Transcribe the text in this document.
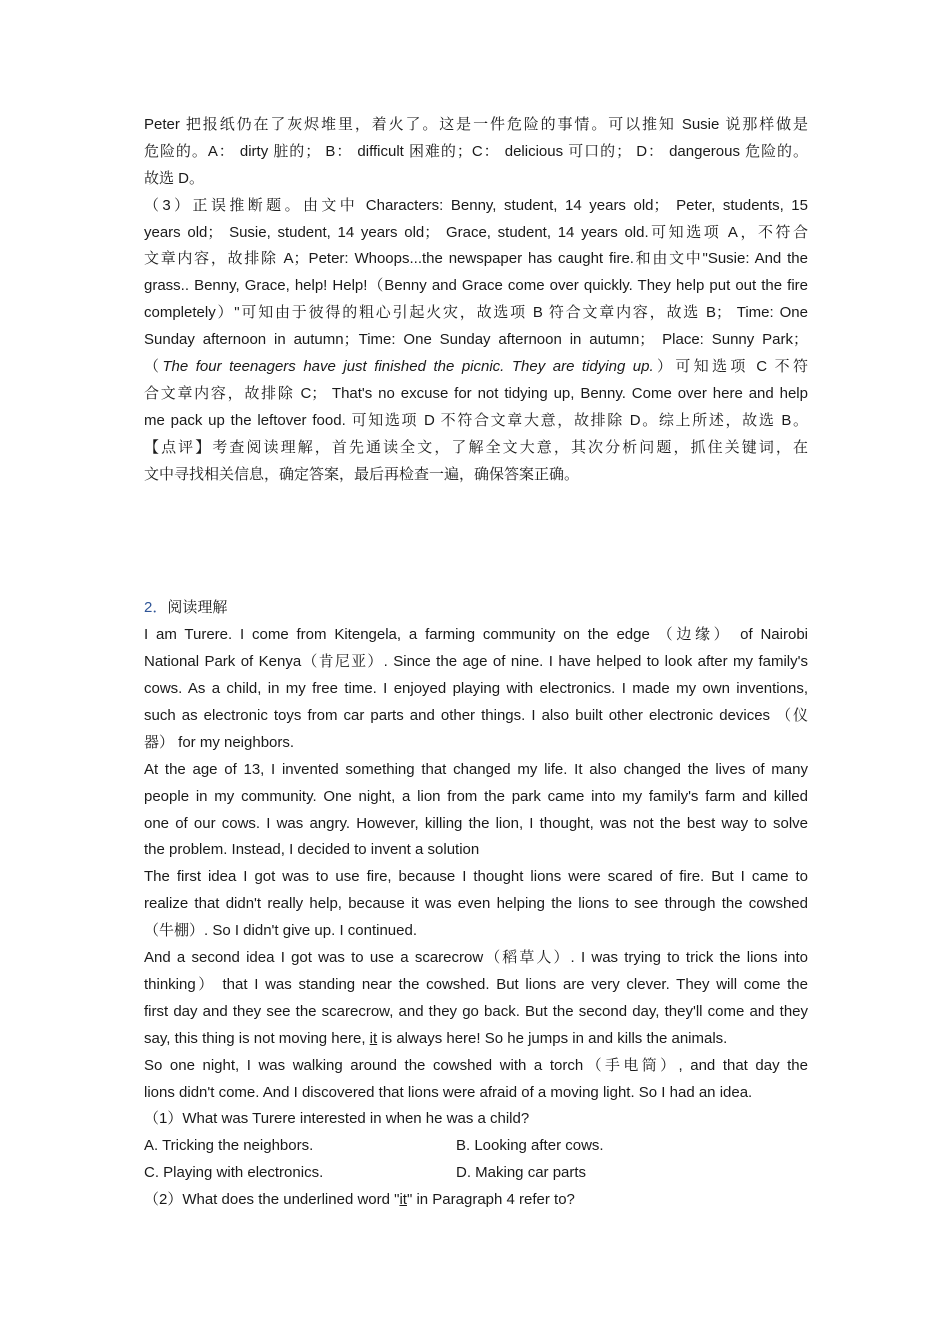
Peter 把报纸仍在了灰烬堆里，着火了。这是一件危险的事情。可以推知 Susie 说那样做是
危险的。A： dirty 脏的； B： difficult 困难的；C： delicious 可口的； D： dangerous 危险的。
故选 D。
（3）正误推断题。由文中 Characters: Benny, student, 14 years old； Peter, students, 15
years old； Susie, student, 14 years old； Grace, student, 14 years old.可知选项 A，不符合
文章内容，故排除 A；Peter: Whoops...the newspaper has caught fire.和由文中"Susie: And the
grass.. Benny, Grace, help! Help!（Benny and Grace come over quickly. They help put out the fire
completely）"可知由于彼得的粗心引起火灾，故选项 B 符合文章内容，故选 B； Time: One
Sunday afternoon in autumn；Time: One Sunday afternoon in autumn； Place: Sunny Park；
（The four teenagers have just finished the picnic. They are tidying up.）可知选项 C 不符
合文章内容，故排除 C； That's no excuse for not tidying up, Benny. Come over here and help
me pack up the leftover food. 可知选项 D 不符合文章大意，故排除 D。综上所述，故选 B。
【点评】考查阅读理解，首先通读全文，了解全文大意，其次分析问题，抓住关键词，在
文中寻找相关信息，确定答案，最后再检查一遍，确保答案正确。
2．阅读理解
I am Turere. I come from Kitengela, a farming community on the edge （边缘） of Nairobi
National Park of Kenya（肯尼亚）. Since the age of nine. I have helped to look after my family's
cows. As a child, in my free time. I enjoyed playing with electronics. I made my own inventions,
such as electronic toys from car parts and other things. I also built other electronic devices （仪
器） for my neighbors.
At the age of 13, I invented something that changed my life. It also changed the lives of many
people in my community. One night, a lion from the park came into my family's farm and killed
one of our cows. I was angry. However, killing the lion, I thought, was not the best way to solve
the problem. Instead, I decided to invent a solution
The first idea I got was to use fire, because I thought lions were scared of fire. But I came to
realize that didn't really help, because it was even helping the lions to see through the cowshed
（牛棚）. So I didn't give up. I continued.
And a second idea I got was to use a scarecrow（稻草人）. I was trying to trick the lions into
thinking） that I was standing near the cowshed. But lions are very clever. They will come the
first day and they see the scarecrow, and they go back. But the second day, they'll come and they
say, this thing is not moving here, it is always here! So he jumps in and kills the animals.
So one night, I was walking around the cowshed with a torch（手电筒）, and that day the
lions didn't come. And I discovered that lions were afraid of a moving light. So I had an idea.
（1）What was Turere interested in when he was a child?
A. Tricking the neighbors.	B. Looking after cows.
C. Playing with electronics.	D. Making car parts
（2）What does the underlined word "it" in Paragraph 4 refer to?
